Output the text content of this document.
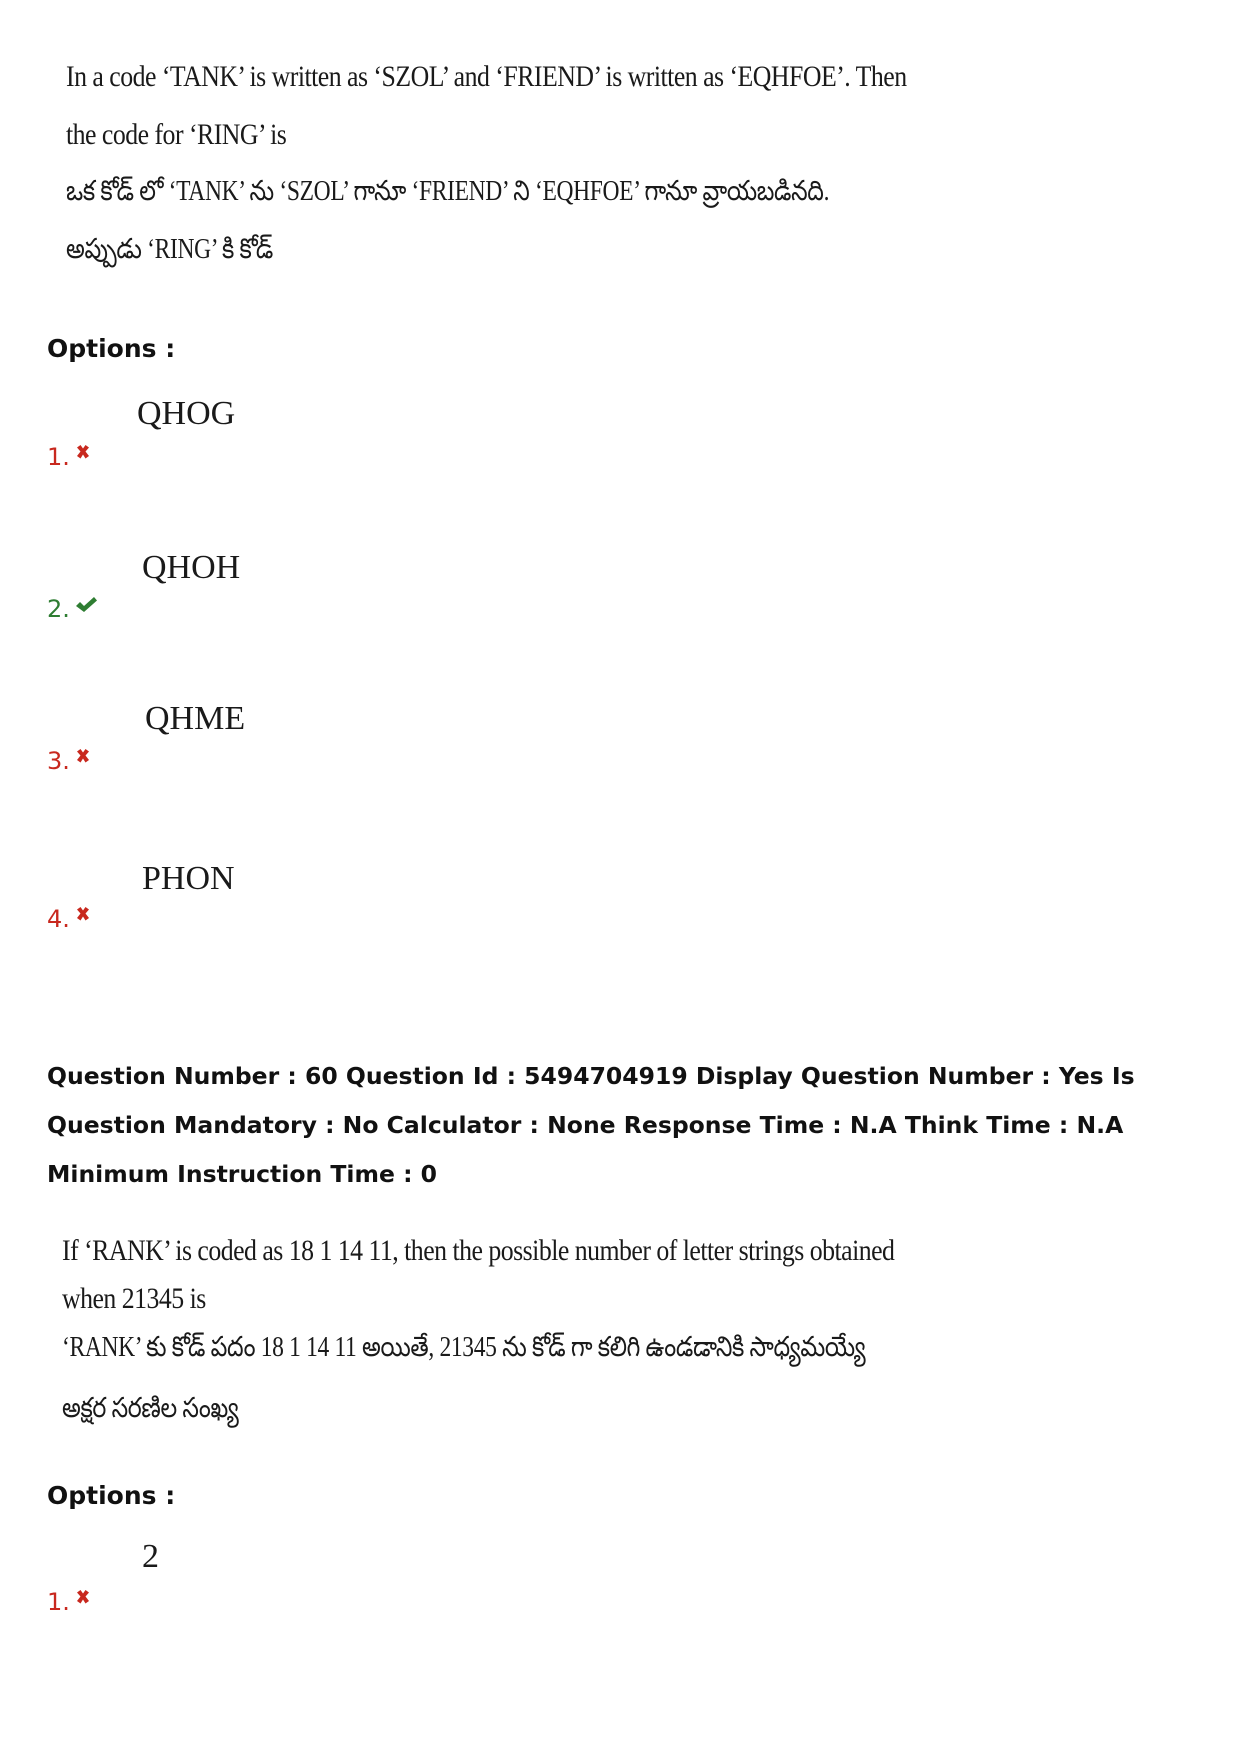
In a code ‘TANK’ is written as ‘SZOL’ and ‘FRIEND’ is written as ‘EQHFOE’. Then
the code for ‘RING’ is
ఒక కోడ్ లో ‘TANK’ ను ‘SZOL’ గానూ ‘FRIEND’ ని ‘EQHFOE’ గానూ వ్రాయబడినది.
అప్పుడు ‘RING’ కి కోడ్
Options :
QHOG
1.
QHOH
2.
QHME
3.
PHON
4.
Question Number : 60 Question Id : 5494704919 Display Question Number : Yes Is Question Mandatory : No Calculator : None Response Time : N.A Think Time : N.A Minimum Instruction Time : 0
If ‘RANK’ is coded as 18 1 14 11, then the possible number of letter strings obtained
when 21345 is
‘RANK’ కు కోడ్ పదం 18 1 14 11 అయితే, 21345 ను కోడ్ గా కలిగి ఉండడానికి సాధ్యమయ్యే
అక్షర సరణిల సంఖ్య
Options :
2
1.
